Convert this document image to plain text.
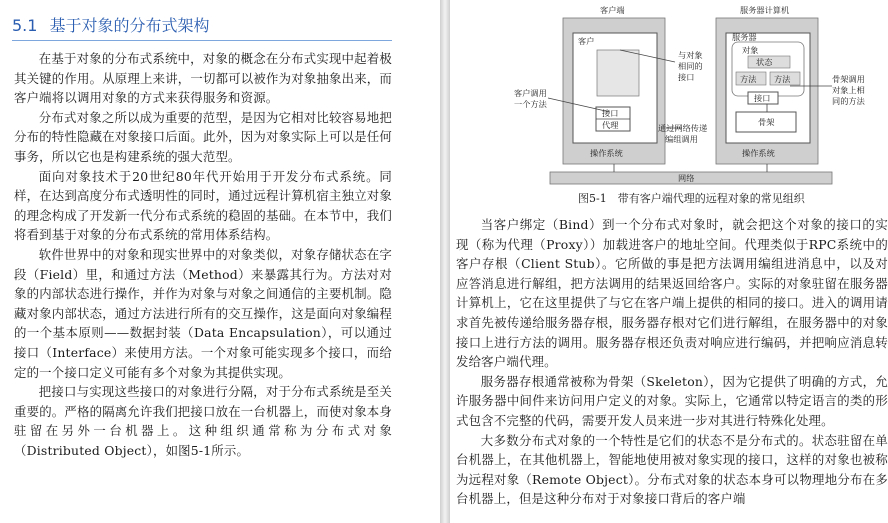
5.1 基于对象的分布式架构

在基于对象的分布式系统中，对象的概念在分布式实现中起着极其关键的作用。从原理上来讲，一切都可以被作为对象抽象出来，而客户端将以调用对象的方式来获得服务和资源。

分布式对象之所以成为重要的范型，是因为它相对比较容易地把分布的特性隐藏在对象接口后面。此外，因为对象实际上可以是任何事务，所以它也是构建系统的强大范型。

面向对象技术于20世纪80年代开始用于开发分布式系统。同样，在达到高度分布式透明性的同时，通过远程计算机宿主独立对象的理念构成了开发新一代分布式系统的稳固的基础。在本节中，我们将看到基于对象的分布式系统的常用体系结构。

软件世界中的对象和现实世界中的对象类似，对象存储状态在字段（Field）里，和通过方法（Method）来暴露其行为。方法对对象的内部状态进行操作，并作为对象与对象之间通信的主要机制。隐藏对象内部状态，通过方法进行所有的交互操作，这是面向对象编程的一个基本原则——数据封装（Data Encapsulation），可以通过接口（Interface）来使用方法。一个对象可能实现多个接口，而给定的一个接口定义可能有多个对象为其提供实现。

把接口与实现这些接口的对象进行分隔，对于分布式系统是至关重要的。严格的隔离允许我们把接口放在一台机器上，而使对象本身驻留在另外一台机器上。这种组织通常称为分布式对象（Distributed Object），如图5-1所示。

客户端	服务器计算机
客户	服务器
对象
状态
方法 方法
接口
代理
接口
骨架
操作系统	操作系统
网络
与对象
相同的
接口
客户调用
一个方法
通过网络传递
编组调用
骨架调用
对象上相
同的方法
图5-1　带有客户端代理的远程对象的常见组织

当客户绑定（Bind）到一个分布式对象时，就会把这个对象的接口的实现（称为代理（Proxy））加载进客户的地址空间。代理类似于RPC系统中的客户存根（Client Stub）。它所做的事是把方法调用编组进消息中，以及对应答消息进行解组，把方法调用的结果返回给客户。实际的对象驻留在服务器计算机上，它在这里提供了与它在客户端上提供的相同的接口。进入的调用请求首先被传递给服务器存根，服务器存根对它们进行解组，在服务器中的对象接口上进行方法的调用。服务器存根还负责对响应进行编码，并把响应消息转发给客户端代理。

服务器存根通常被称为骨架（Skeleton），因为它提供了明确的方式，允许服务器中间件来访问用户定义的对象。实际上，它通常以特定语言的类的形式包含不完整的代码，需要开发人员来进一步对其进行特殊化处理。

大多数分布式对象的一个特性是它们的状态不是分布式的。状态驻留在单台机器上，在其他机器上，智能地使用被对象实现的接口，这样的对象也被称为远程对象（Remote Object）。分布式对象的状态本身可以物理地分布在多台机器上，但是这种分布对于对象接口背后的客户端
